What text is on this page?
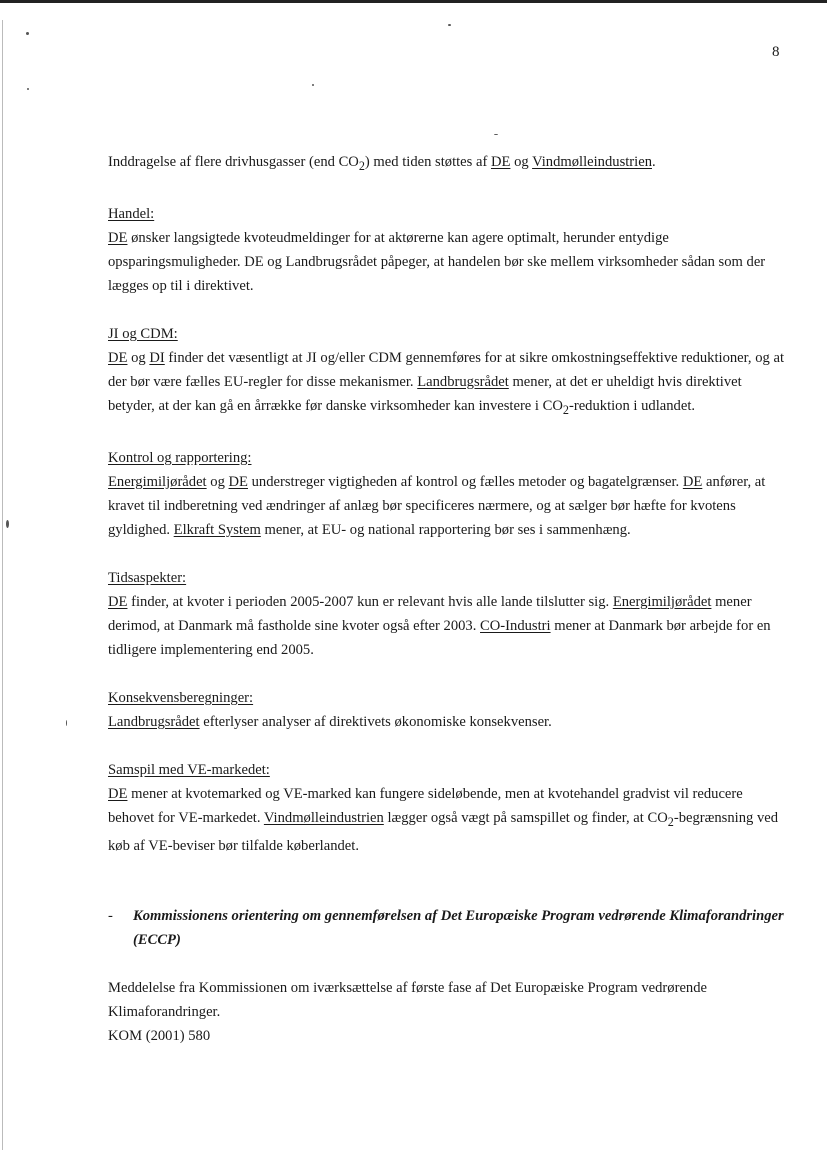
8

Inddragelse af flere drivhusgasser (end $CO_2$) med tiden støttes af DE og Vindmølleindustrien.

Handel:

DE ønsker langsigtede kvoteudmeldinger for at aktørerne kan agere optimalt, herunder entydige opsparingsmuligheder. DE og Landbrugsrådet påpeger, at handelen bør ske mellem virksomheder sådan som der lægges op til i direktivet.

JI og CDM:

DE og DI finder det væsentligt at JI og/eller CDM gennemføres for at sikre omkostningseffektive reduktioner, og at der bør være fælles EU-regler for disse mekanismer. Landbrugsrådet mener, at det er uheldigt hvis direktivet betyder, at der kan gå en årrække før danske virksomheder kan investere i $CO_2$-reduktion i udlandet.

Kontrol og rapportering:

Energimiljørådet og DE understreger vigtigheden af kontrol og fælles metoder og bagatelgrænser. DE anfører, at kravet til indberetning ved ændringer af anlæg bør specificeres nærmere, og at sælger bør hæfte for kvotens gyldighed. Elkraft System mener, at EU- og national rapportering bør ses i sammenhæng.

Tidsaspekter:

DE finder, at kvoter i perioden 2005-2007 kun er relevant hvis alle lande tilslutter sig. Energimiljørådet mener derimod, at Danmark må fastholde sine kvoter også efter 2003. CO-Industri mener at Danmark bør arbejde for en tidligere implementering end 2005.

Konsekvensberegninger:

Landbrugsrådet efterlyser analyser af direktivets økonomiske konsekvenser.

Samspil med VE-markedet:

DE mener at kvotemarked og VE-marked kan fungere sideløbende, men at kvotehandel gradvist vil reducere behovet for VE-markedet. Vindmølleindustrien lægger også vægt på samspillet og finder, at $CO_2$-begrænsning ved køb af VE-beviser bør tilfalde køberlandet.

- Kommissionens orientering om gennemførelsen af Det Europæiske Program vedrørende Klimaforandringer (ECCP)

Meddelelse fra Kommissionen om iværksættelse af første fase af Det Europæiske Program vedrørende Klimaforandringer.

KOM (2001) 580
